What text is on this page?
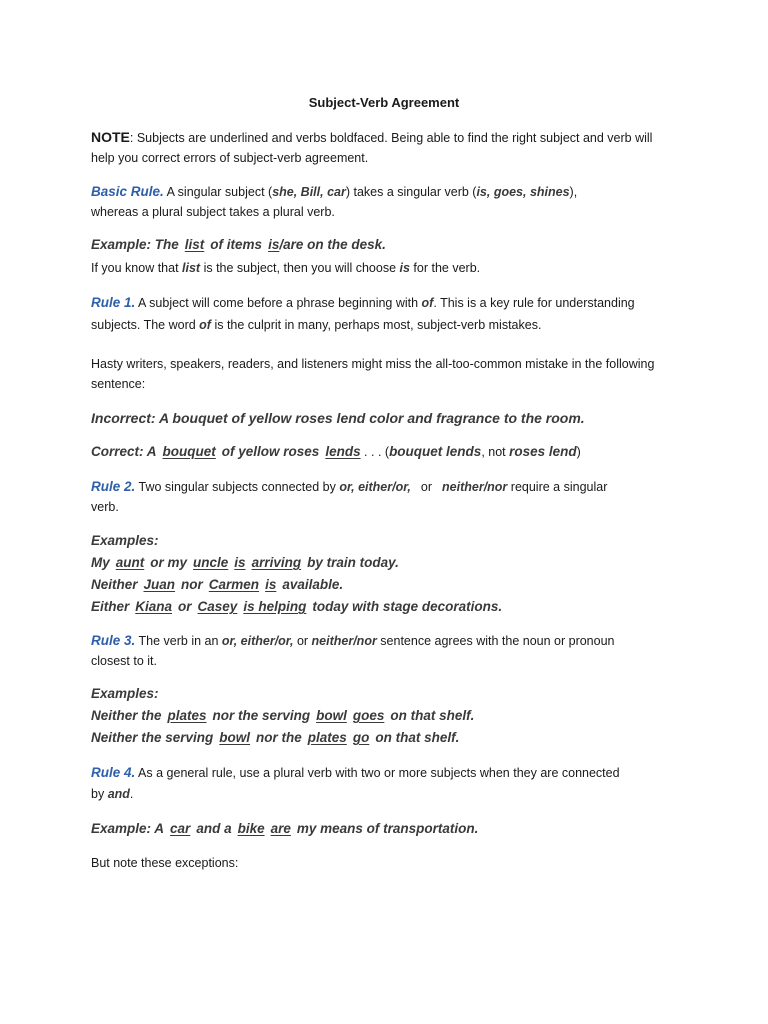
Subject-Verb Agreement
NOTE: Subjects are underlined and verbs boldfaced. Being able to find the right subject and verb will
help you correct errors of subject-verb agreement.
Basic Rule. A singular subject (she, Bill, car) takes a singular verb (is, goes, shines),
whereas a plural subject takes a plural verb.
Example: The list of items is/are on the desk.
If you know that list is the subject, then you will choose is for the verb.
Rule 1. A subject will come before a phrase beginning with of. This is a key rule for understanding
subjects. The word of is the culprit in many, perhaps most, subject-verb mistakes.
Hasty writers, speakers, readers, and listeners might miss the all-too-common mistake in the following
sentence:
Incorrect: A bouquet of yellow roses lend color and fragrance to the room.
Correct: A bouquet of yellow roses lends . . . (bouquet lends, not roses lend)
Rule 2. Two singular subjects connected by or, either/or, or neither/nor require a singular
verb.
Examples:
My aunt or my uncle is arriving by train today.
Neither Juan nor Carmen is available.
Either Kiana or Casey is helping today with stage decorations.
Rule 3. The verb in an or, either/or, or neither/nor sentence agrees with the noun or pronoun
closest to it.
Examples:
Neither the plates nor the serving bowl goes on that shelf.
Neither the serving bowl nor the plates go on that shelf.
Rule 4. As a general rule, use a plural verb with two or more subjects when they are connected
by and.
Example: A car and a bike are my means of transportation.
But note these exceptions:
